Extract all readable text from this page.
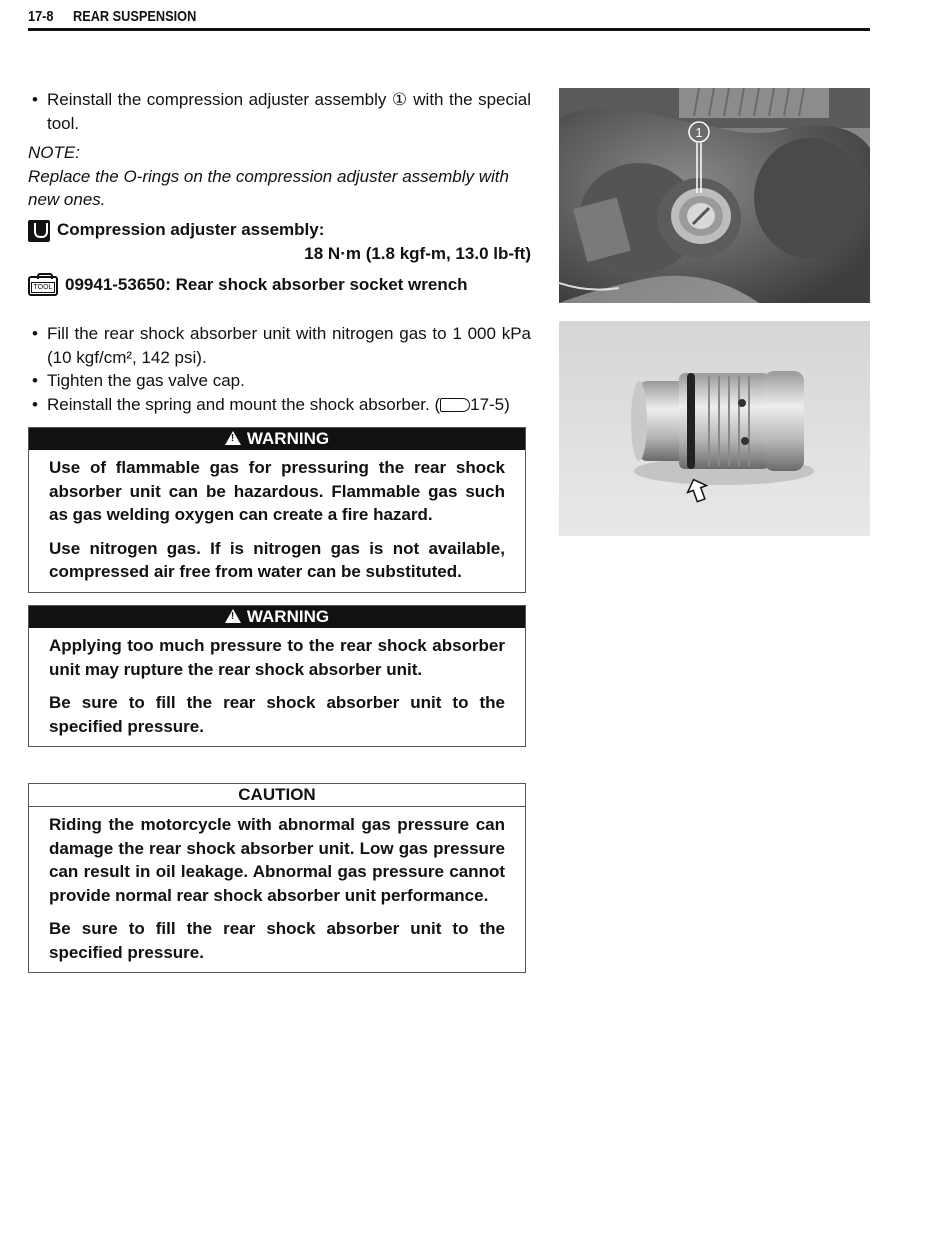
17-8 REAR SUSPENSION
• Reinstall the compression adjuster assembly ① with the special tool.
NOTE:
Replace the O-rings on the compression adjuster assembly with new ones.
Compression adjuster assembly:
18 N·m (1.8 kgf-m, 13.0 lb-ft)
TOOL 09941-53650: Rear shock absorber socket wrench
• Fill the rear shock absorber unit with nitrogen gas to 1 000 kPa (10 kgf/cm², 142 psi).
• Tighten the gas valve cap.
• Reinstall the spring and mount the shock absorber. ( 17-5)
!WARNING

Use of flammable gas for pressuring the rear shock absorber unit can be hazardous. Flammable gas such as gas welding oxygen can create a fire hazard.

Use nitrogen gas. If is nitrogen gas is not available, compressed air free from water can be substituted.

!WARNING

Applying too much pressure to the rear shock absorber unit may rupture the rear shock absorber unit.

Be sure to fill the rear shock absorber unit to the specified pressure.

CAUTION

Riding the motorcycle with abnormal gas pressure can damage the rear shock absorber unit. Low gas pressure can result in oil leakage. Abnormal gas pressure cannot provide normal rear shock absorber unit performance.

Be sure to fill the rear shock absorber unit to the specified pressure.

1
